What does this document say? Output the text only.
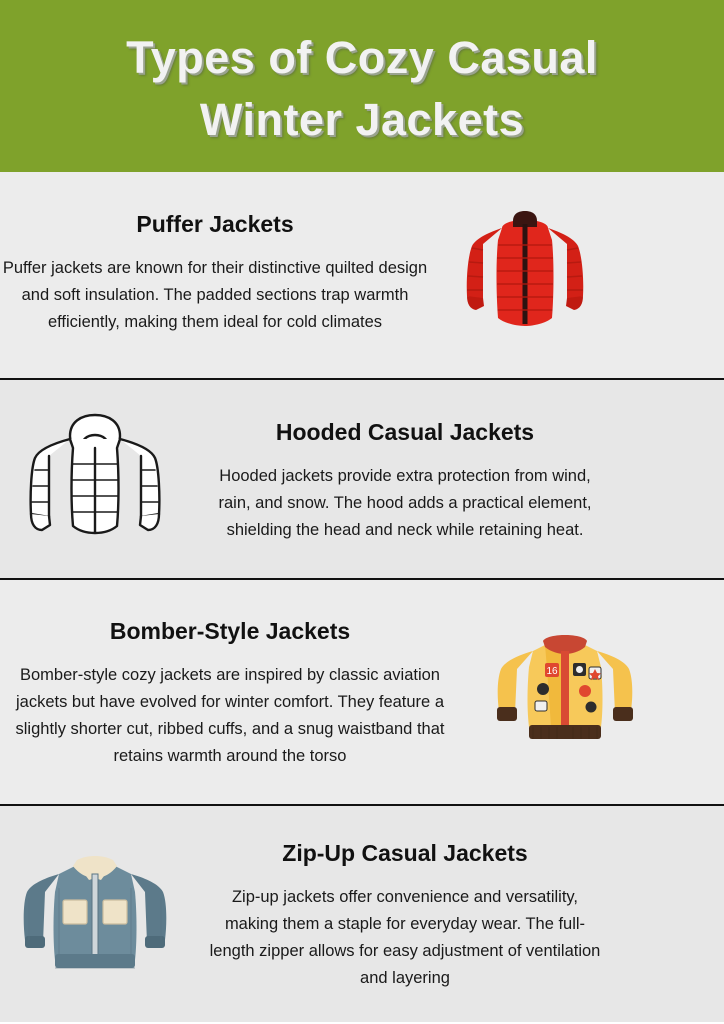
Types of Cozy Casual
Winter Jackets
Puffer Jackets
Puffer jackets are known for their distinctive quilted design and soft insulation. The padded sections trap warmth efficiently, making them ideal for cold climates
Hooded Casual Jackets
Hooded jackets provide extra protection from wind, rain, and snow. The hood adds a practical element, shielding the head and neck while retaining heat.
Bomber-Style Jackets
Bomber-style cozy jackets are inspired by classic aviation jackets but have evolved for winter comfort. They feature a slightly shorter cut, ribbed cuffs, and a snug waistband that retains warmth around the torso
16
Zip-Up Casual Jackets
Zip-up jackets offer convenience and versatility, making them a staple for everyday wear. The full-length zipper allows for easy adjustment of ventilation and layering
